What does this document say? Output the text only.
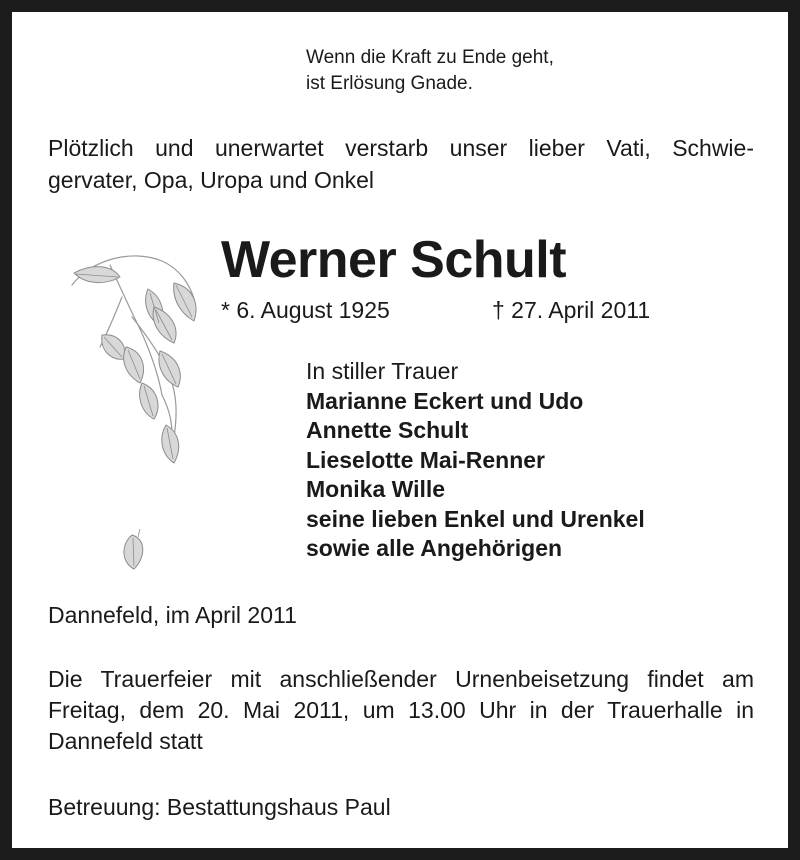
Wenn die Kraft zu Ende geht,
ist Erlösung Gnade.
Plötzlich und unerwartet verstarb unser lieber Vati, Schwie-
gervater, Opa, Uropa und Onkel
Werner Schult
* 6. August 1925	† 27. April 2011
In stiller Trauer
Marianne Eckert und Udo
Annette Schult
Lieselotte Mai-Renner
Monika Wille
seine lieben Enkel und Urenkel
sowie alle Angehörigen
Dannefeld, im April 2011
Die Trauerfeier mit anschließender Urnenbeisetzung findet am
Freitag, dem 20. Mai 2011, um 13.00 Uhr in der Trauerhalle in
Dannefeld statt
Betreuung: Bestattungshaus Paul
